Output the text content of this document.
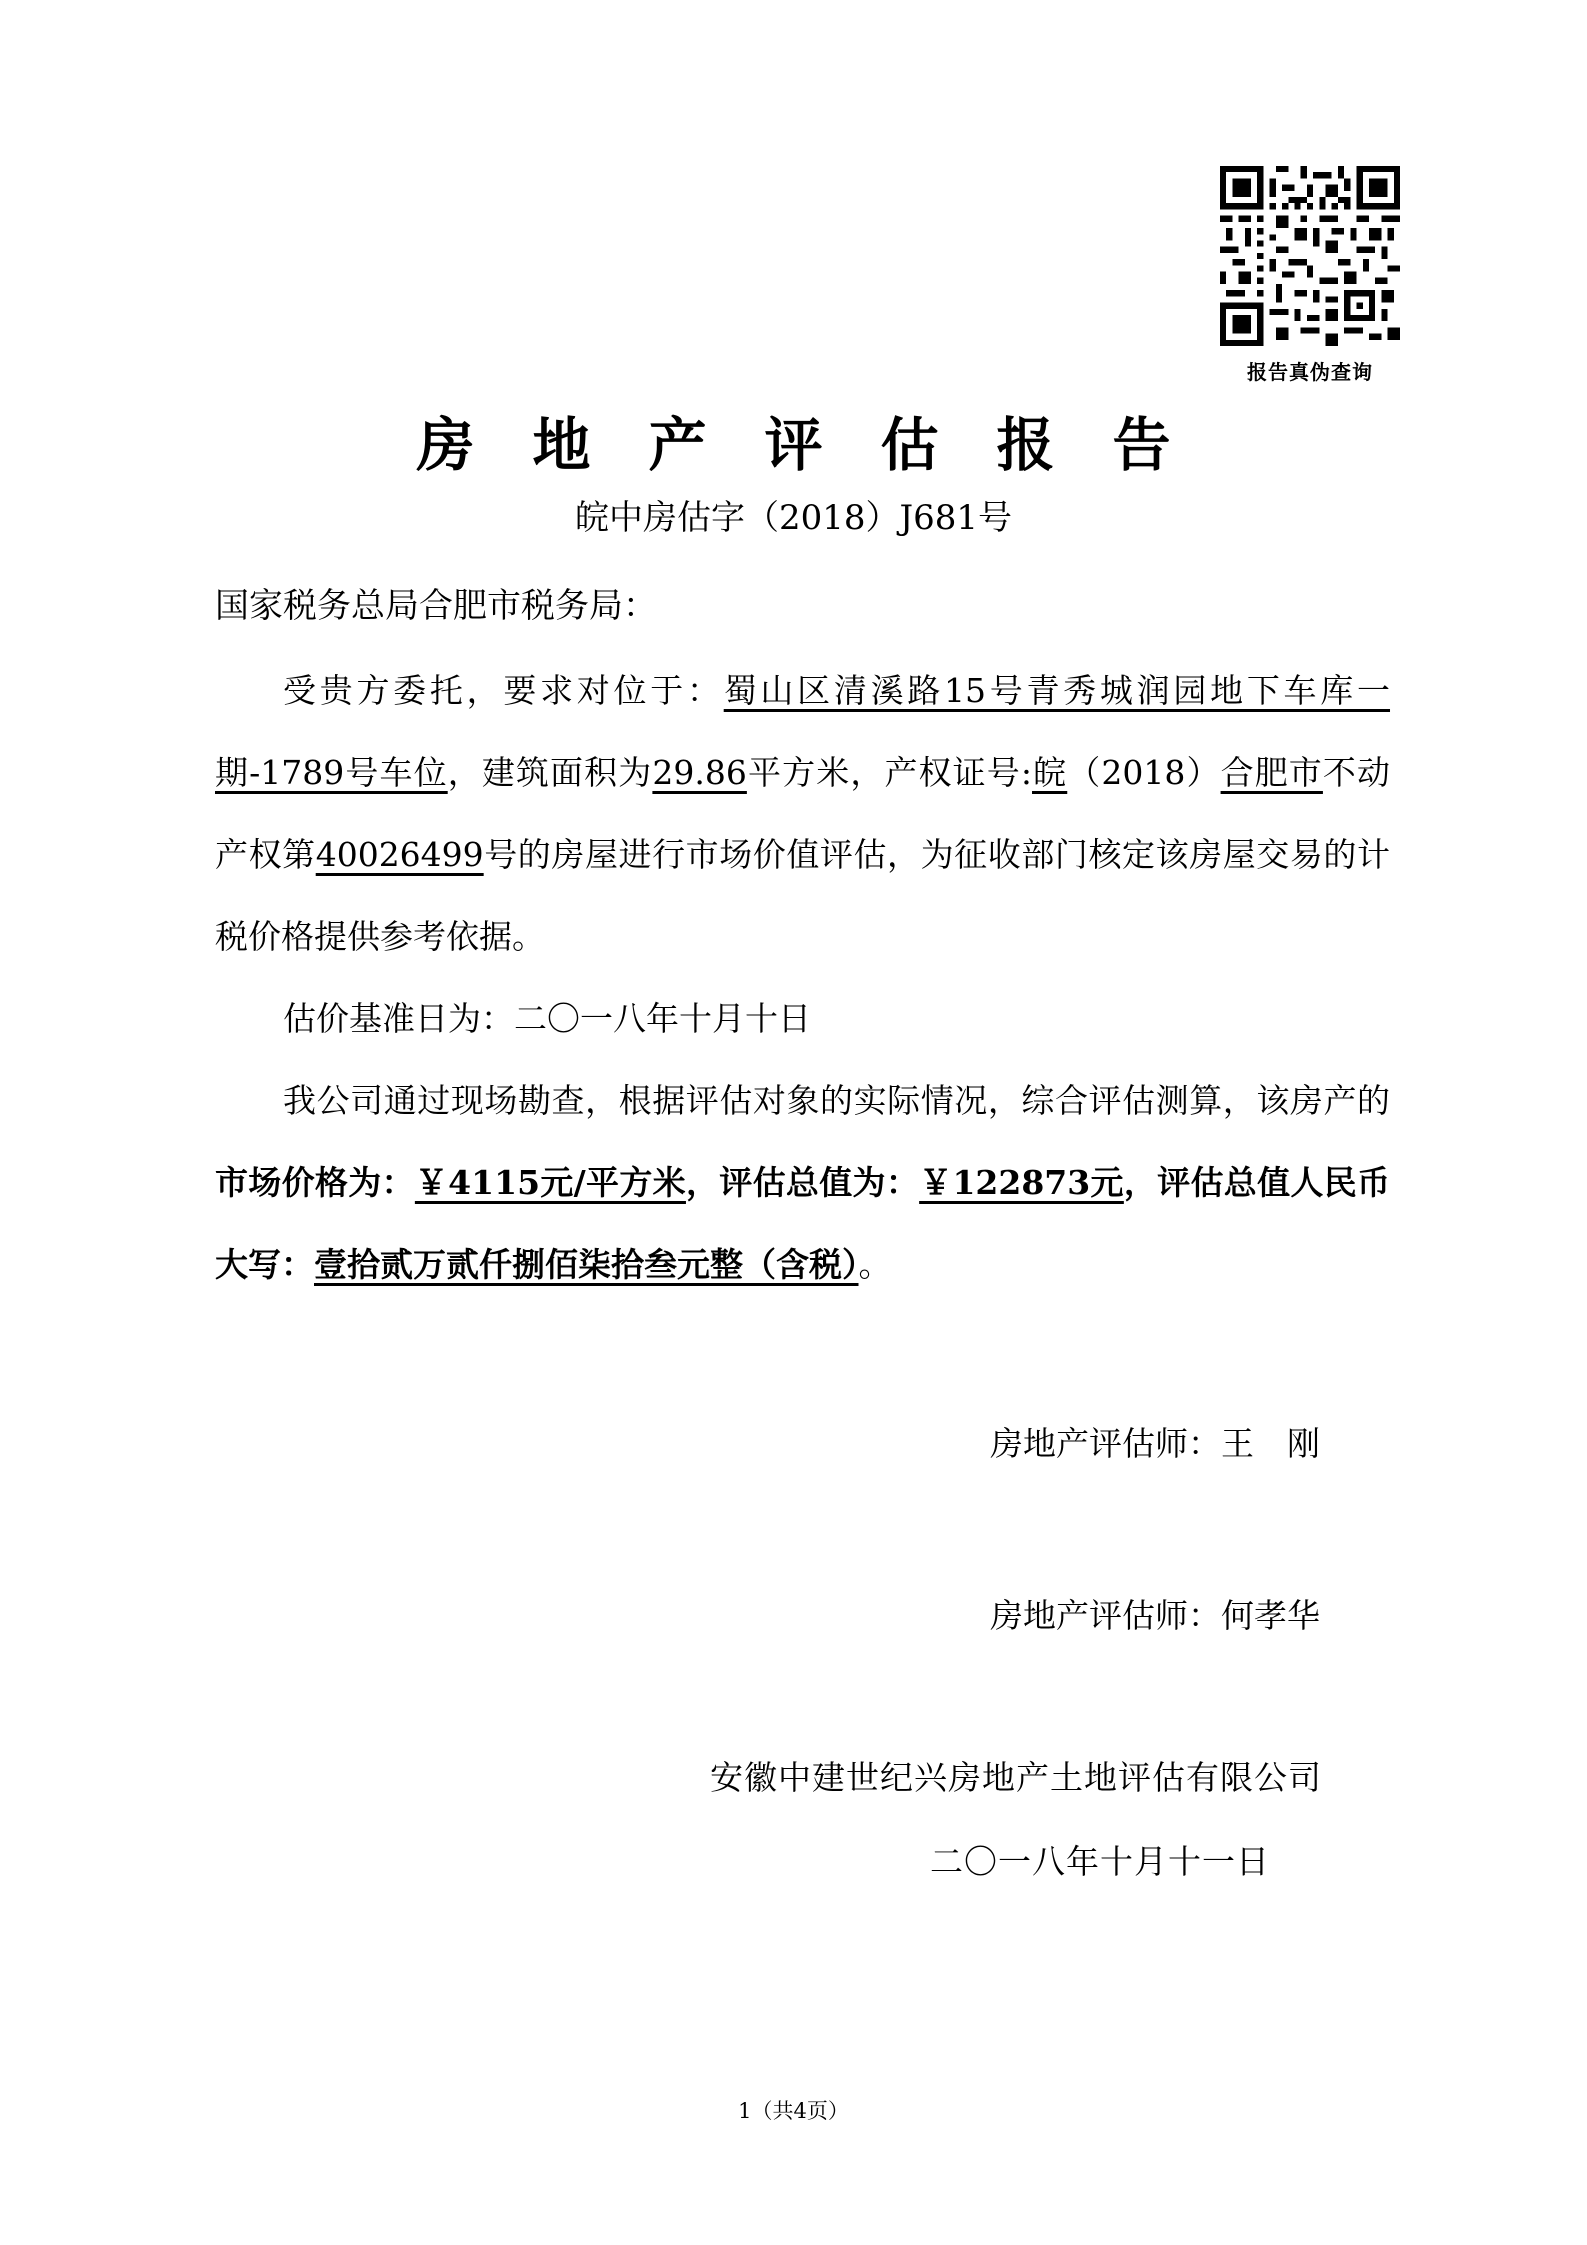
报告真伪查询
房地产评估报告
皖中房估字（2018）J681号
国家税务总局合肥市税务局：

受贵方委托，要求对位于：蜀山区清溪路15号青秀城润园地下车库一期-1789号车位，建筑面积为29.86平方米，产权证号:皖（2018）合肥市不动产权第40026499号的房屋进行市场价值评估，为征收部门核定该房屋交易的计税价格提供参考依据。

估价基准日为：二〇一八年十月十日

我公司通过现场勘查，根据评估对象的实际情况，综合评估测算，该房产的市场价格为：￥4115元/平方米，评估总值为：￥122873元，评估总值人民币大写：壹拾贰万贰仟捌佰柒拾叁元整（含税）。

房地产评估师：王　刚
房地产评估师：何孝华
安徽中建世纪兴房地产土地评估有限公司
二〇一八年十月十一日
1（共4页）
